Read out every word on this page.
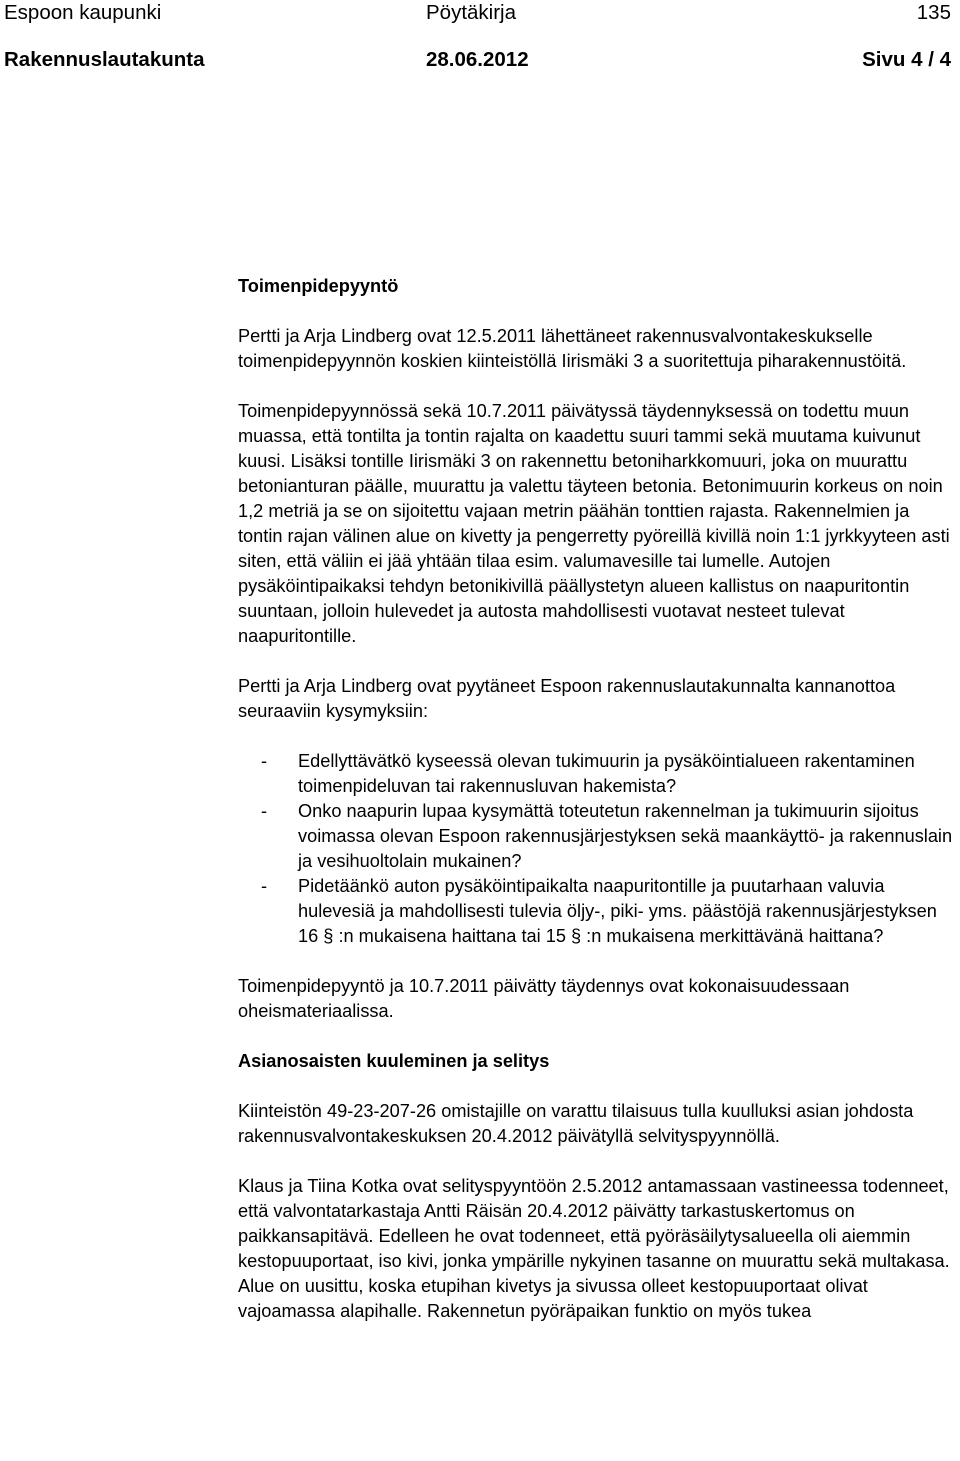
Espoon kaupunki	Pöytäkirja	135
Rakennuslautakunta	28.06.2012	Sivu 4 / 4

Toimenpidepyyntö

Pertti ja Arja Lindberg ovat 12.5.2011 lähettäneet rakennusvalvontakeskukselle toimenpidepyynnön koskien kiinteistöllä Iirismäki 3 a suoritettuja piharakennustöitä.

Toimenpidepyynnössä sekä 10.7.2011 päivätyssä täydennyksessä on todettu muun muassa, että tontilta ja tontin rajalta on kaadettu suuri tammi sekä muutama kuivunut kuusi. Lisäksi tontille Iirismäki 3 on rakennettu betoniharkkomuuri, joka on muurattu betonianturan päälle, muurattu ja valettu täyteen betonia. Betonimuurin korkeus on noin 1,2 metriä ja se on sijoitettu vajaan metrin päähän tonttien rajasta. Rakennelmien ja tontin rajan välinen alue on kivetty ja pengerretty pyöreillä kivillä noin 1:1 jyrkkyyteen asti siten, että väliin ei jää yhtään tilaa esim. valumavesille tai lumelle. Autojen pysäköintipaikaksi tehdyn betonikivillä päällystetyn alueen kallistus on naapuritontin suuntaan, jolloin hulevedet ja autosta mahdollisesti vuotavat nesteet tulevat naapuritontille.

Pertti ja Arja Lindberg ovat pyytäneet Espoon rakennuslautakunnalta kannanottoa seuraaviin kysymyksiin:

- Edellyttävätkö kyseessä olevan tukimuurin ja pysäköintialueen rakentaminen toimenpideluvan tai rakennusluvan hakemista?
- Onko naapurin lupaa kysymättä toteutetun rakennelman ja tukimuurin sijoitus voimassa olevan Espoon rakennusjärjestyksen sekä maankäyttö- ja rakennuslain ja vesihuoltolain mukainen?
- Pidetäänkö auton pysäköintipaikalta naapuritontille ja puutarhaan valuvia hulevesiä ja mahdollisesti tulevia öljy-, piki- yms. päästöjä rakennusjärjestyksen 16 § :n mukaisena haittana tai 15 § :n mukaisena merkittävänä haittana?

Toimenpidepyyntö ja 10.7.2011 päivätty täydennys ovat kokonaisuudessaan oheismateriaalissa.

Asianosaisten kuuleminen ja selitys

Kiinteistön 49-23-207-26 omistajille on varattu tilaisuus tulla kuulluksi asian johdosta rakennusvalvontakeskuksen 20.4.2012 päivätyllä selvityspyynnöllä.

Klaus ja Tiina Kotka ovat selityspyyntöön 2.5.2012 antamassaan vastineessa todenneet, että valvontatarkastaja Antti Räisän 20.4.2012 päivätty tarkastuskertomus on paikkansapitävä. Edelleen he ovat todenneet, että pyöräsäilytysalueella oli aiemmin kestopuuportaat, iso kivi, jonka ympärille nykyinen tasanne on muurattu sekä multakasa. Alue on uusittu, koska etupihan kivetys ja sivussa olleet kestopuuportaat olivat vajoamassa alapihalle. Rakennetun pyöräpaikan funktio on myös tukea
